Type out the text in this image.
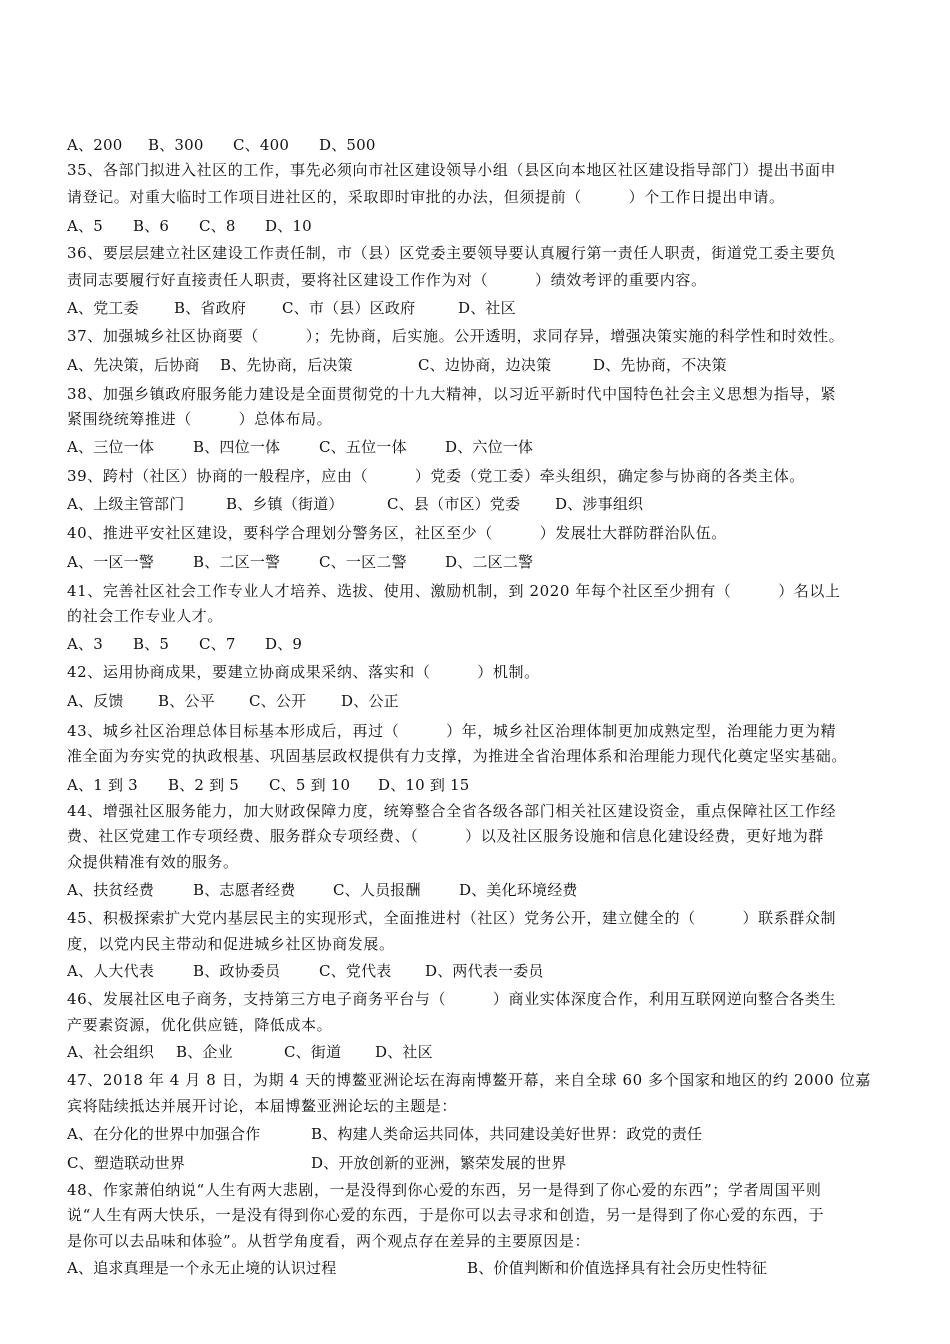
A、200 B、300 C、400 D、500
35、各部门拟进入社区的工作，事先必须向市社区建设领导小组（县区向本地区社区建设指导部门）提出书面申
请登记。对重大临时工作项目进社区的，采取即时审批的办法，但须提前（　　　）个工作日提出申请。
A、5 B、6 C、8 D、10
36、要层层建立社区建设工作责任制，市（县）区党委主要领导要认真履行第一责任人职责，街道党工委主要负
责同志要履行好直接责任人职责，要将社区建设工作作为对（　　　）绩效考评的重要内容。
A、党工委 B、省政府 C、市（县）区政府	D、社区
37、加强城乡社区协商要（　　　）；先协商，后实施。公开透明，求同存异，增强决策实施的科学性和时效性。
A、先决策，后协商 B、先协商，后决策	C、边协商，边决策	D、先协商，不决策
38、加强乡镇政府服务能力建设是全面贯彻党的十九大精神，以习近平新时代中国特色社会主义思想为指导，紧
紧围绕统筹推进（　　　）总体布局。
A、三位一体	B、四位一体	C、五位一体	D、六位一体
39、跨村（社区）协商的一般程序，应由（　　　）党委（党工委）牵头组织，确定参与协商的各类主体。
A、上级主管部门	B、乡镇（街道）	C、县（市区）党委 D、涉事组织
40、推进平安社区建设，要科学合理划分警务区，社区至少（　　　）发展壮大群防群治队伍。
A、一区一警	B、二区一警	C、一区二警	D、二区二警
41、完善社区社会工作专业人才培养、选拔、使用、激励机制，到 2020 年每个社区至少拥有（　　　）名以上
的社会工作专业人才。
A、3 B、5 C、7 D、9
42、运用协商成果，要建立协商成果采纳、落实和（　　　）机制。
A、反馈 B、公平 C、公开 D、公正
43、城乡社区治理总体目标基本形成后，再过（　　　）年，城乡社区治理体制更加成熟定型，治理能力更为精
准全面为夯实党的执政根基、巩固基层政权提供有力支撑，为推进全省治理体系和治理能力现代化奠定坚实基础。
A、1 到 3 B、2 到 5 C、5 到 10 D、10 到 15
44、增强社区服务能力，加大财政保障力度，统筹整合全省各级各部门相关社区建设资金，重点保障社区工作经
费、社区党建工作专项经费、服务群众专项经费、（　　　）以及社区服务设施和信息化建设经费，更好地为群
众提供精准有效的服务。
A、扶贫经费	B、志愿者经费	C、人员报酬	D、美化环境经费
45、积极探索扩大党内基层民主的实现形式，全面推进村（社区）党务公开，建立健全的（　　　）联系群众制
度，以党内民主带动和促进城乡社区协商发展。
A、人大代表	B、政协委员	C、党代表 D、两代表一委员
46、发展社区电子商务，支持第三方电子商务平台与（　　　）商业实体深度合作，利用互联网逆向整合各类生
产要素资源，优化供应链，降低成本。
A、社会组织 B、企业	C、街道 D、社区
47、2018 年 4 月 8 日，为期 4 天的博鳌亚洲论坛在海南博鳌开幕，来自全球 60 多个国家和地区的约 2000 位嘉
宾将陆续抵达并展开讨论，本届博鳌亚洲论坛的主题是：
A、在分化的世界中加强合作	B、构建人类命运共同体，共同建设美好世界：政党的责任
C、塑造联动世界	D、开放创新的亚洲，繁荣发展的世界
48、作家萧伯纳说“人生有两大悲剧，一是没得到你心爱的东西，另一是得到了你心爱的东西”；学者周国平则
说“人生有两大快乐，一是没有得到你心爱的东西，于是你可以去寻求和创造，另一是得到了你心爱的东西，于
是你可以去品味和体验”。从哲学角度看，两个观点存在差异的主要原因是：
A、追求真理是一个永无止境的认识过程	B、价值判断和价值选择具有社会历史性特征
